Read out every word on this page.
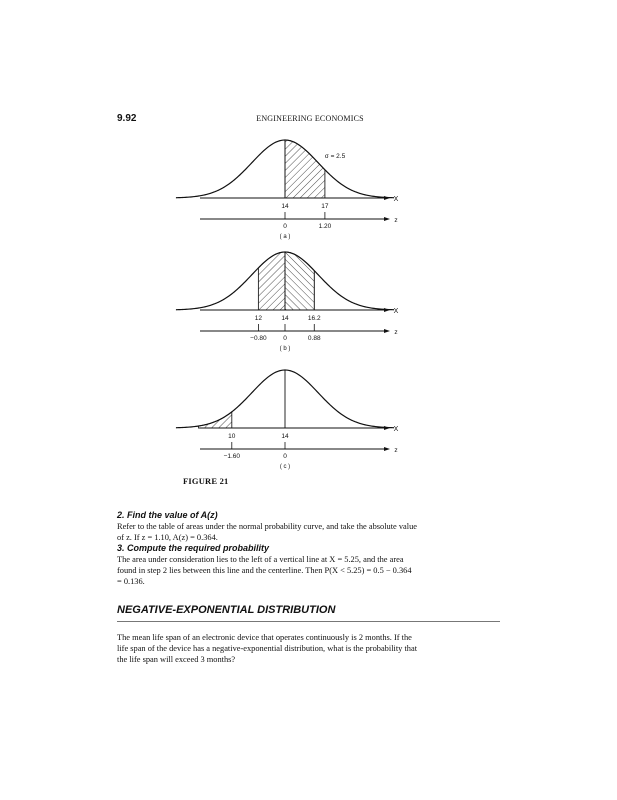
9.92	ENGINEERING ECONOMICS
X
z
14
0
17
1.20
( a )
σ = 2.5
X
z
12
−0.80
14
0
16.2
0.88
( b )
X
z
10
−1.60
14
0
( c )
FIGURE 21
2. Find the value of A(z)
Refer to the table of areas under the normal probability curve, and take the absolute value
of z. If z = 1.10, A(z) = 0.364.
3. Compute the required probability
The area under consideration lies to the left of a vertical line at X = 5.25, and the area
found in step 2 lies between this line and the centerline. Then P(X < 5.25) = 0.5 − 0.364
= 0.136.
NEGATIVE-EXPONENTIAL DISTRIBUTION
The mean life span of an electronic device that operates continuously is 2 months. If the
life span of the device has a negative-exponential distribution, what is the probability that
the life span will exceed 3 months?
